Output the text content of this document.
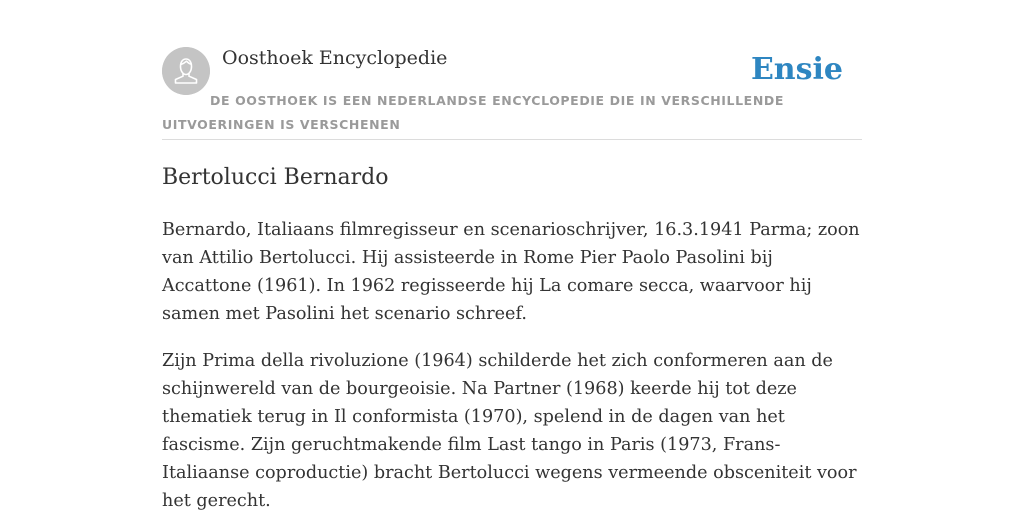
Oosthoek Encyclopedie	Ensie
DE OOSTHOEK IS EEN NEDERLANDSE ENCYCLOPEDIE DIE IN VERSCHILLENDE UITVOERINGEN IS VERSCHENEN
Bertolucci Bernardo

Bernardo, Italiaans filmregisseur en scenarioschrijver, 16.3.1941 Parma; zoon van Attilio Bertolucci. Hij assisteerde in Rome Pier Paolo Pasolini bij Accattone (1961). In 1962 regisseerde hij La comare secca, waarvoor hij samen met Pasolini het scenario schreef.

Zijn Prima della rivoluzione (1964) schilderde het zich conformeren aan de schijnwereld van de bourgeoisie. Na Partner (1968) keerde hij tot deze thematiek terug in Il conformista (1970), spelend in de dagen van het fascisme. Zijn geruchtmakende film Last tango in Paris (1973, Frans-Italiaanse coproductie) bracht Bertolucci wegens vermeende obsceniteit voor het gerecht.
